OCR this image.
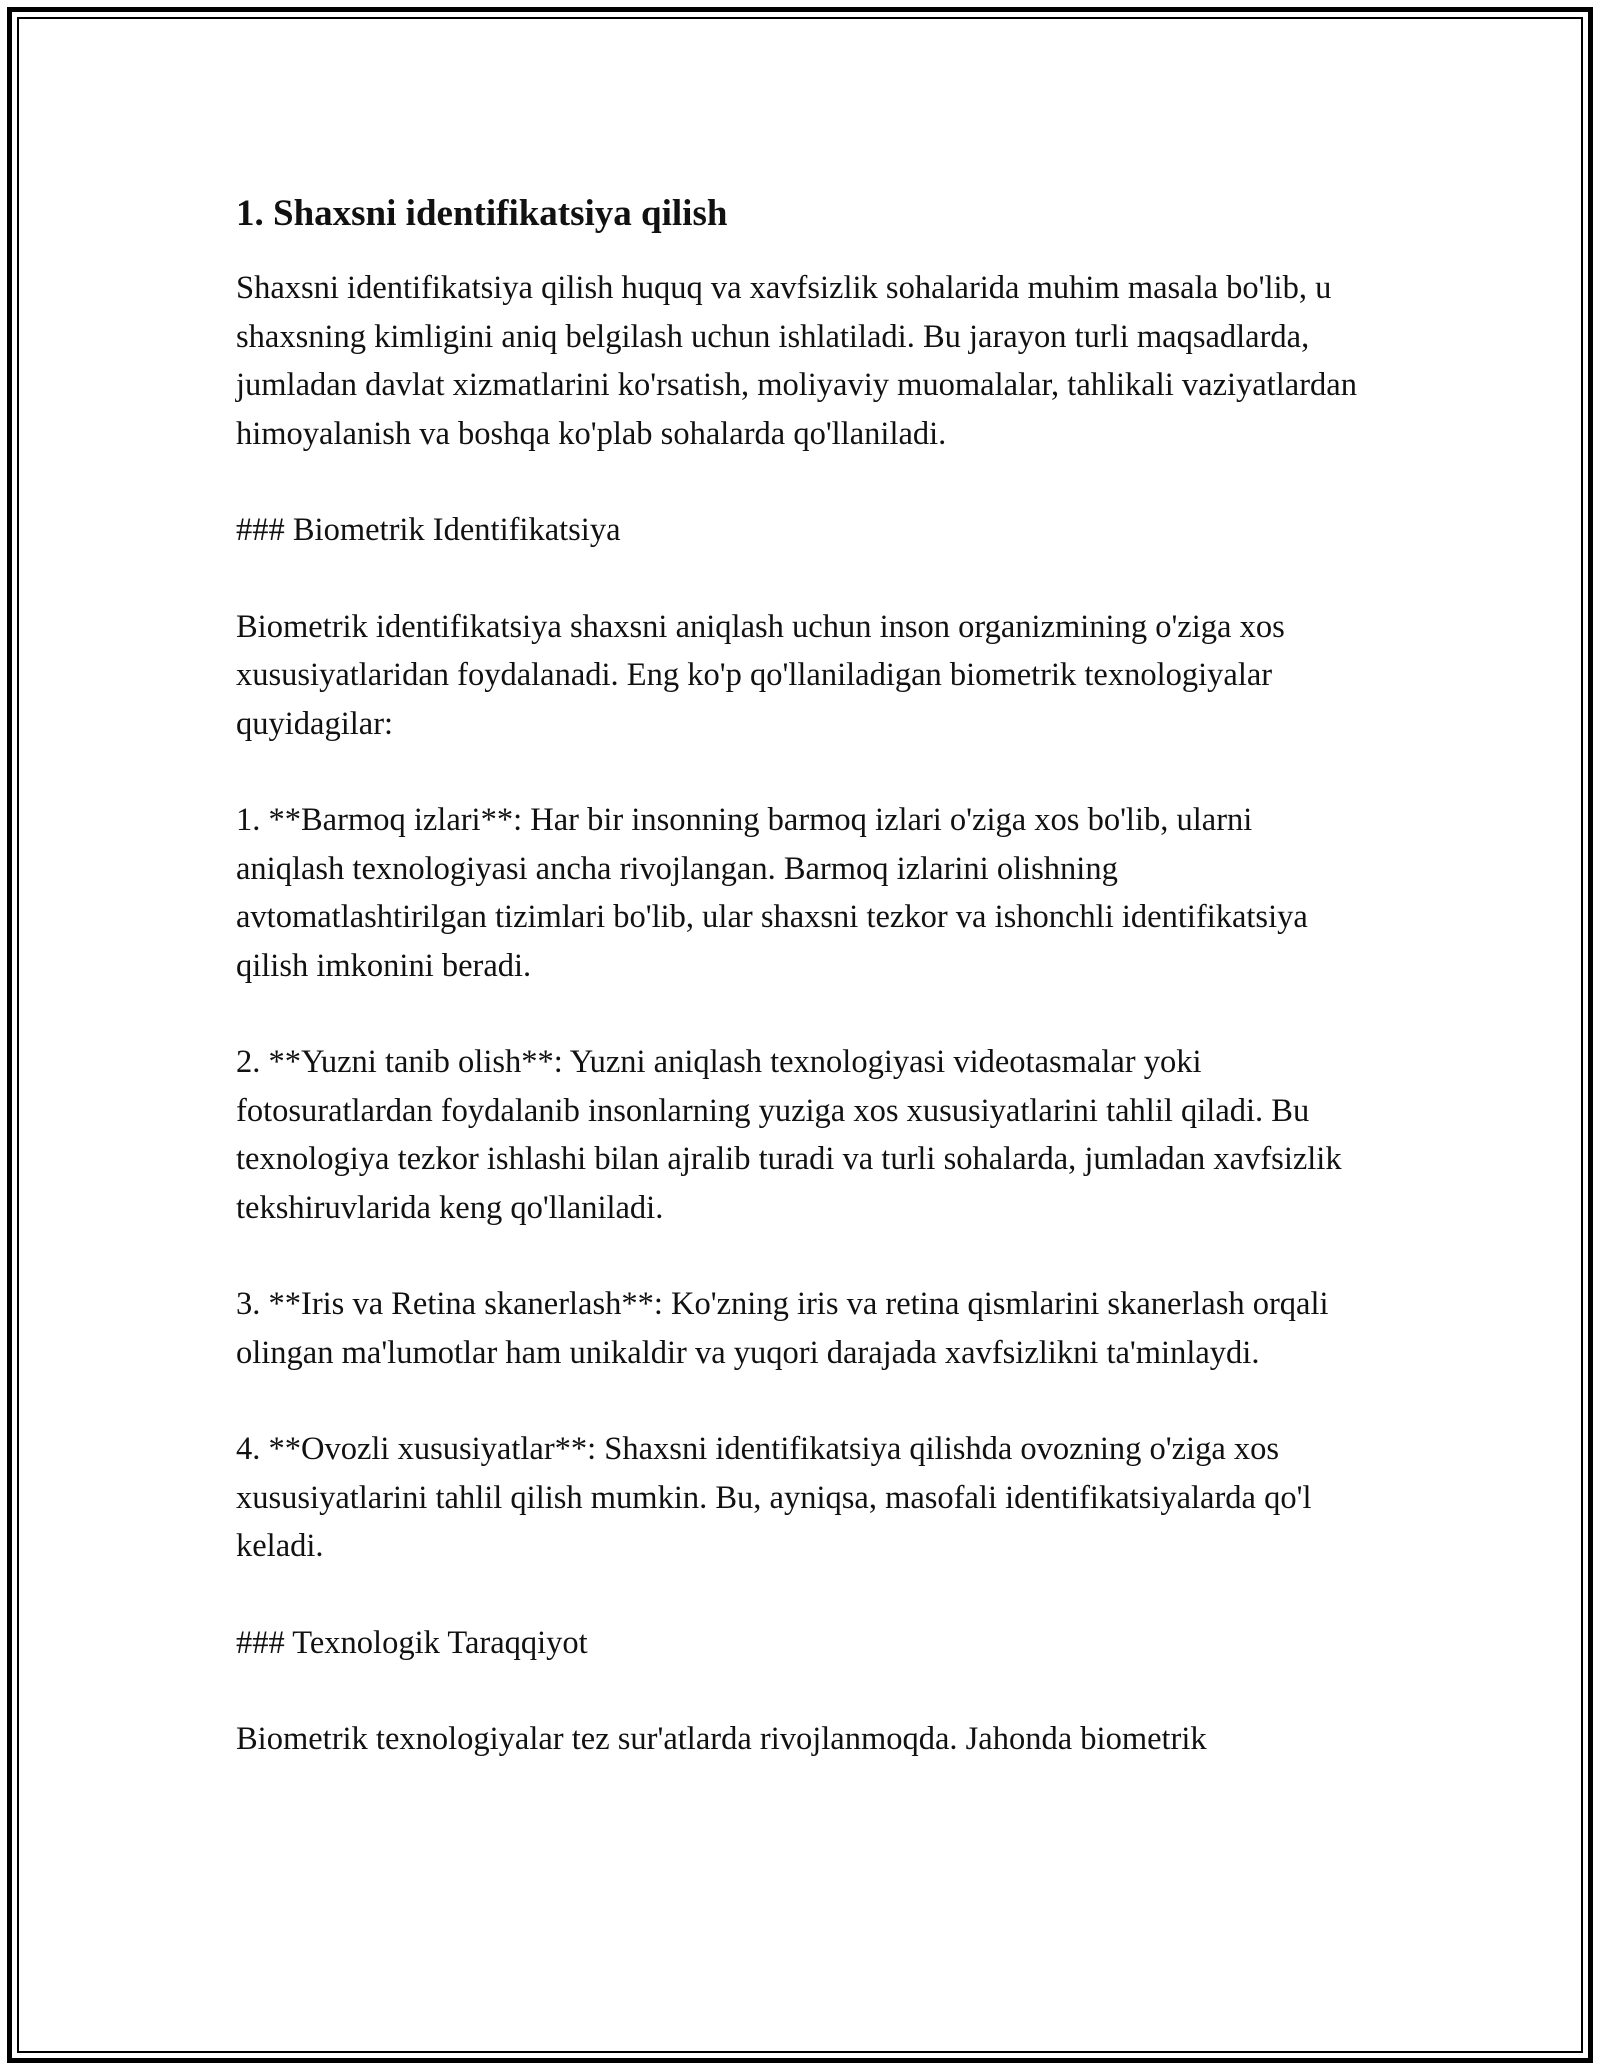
1. Shaxsni identifikatsiya qilish

Shaxsni identifikatsiya qilish huquq va xavfsizlik sohalarida muhim masala bo'lib, u shaxsning kimligini aniq belgilash uchun ishlatiladi. Bu jarayon turli maqsadlarda, jumladan davlat xizmatlarini ko'rsatish, moliyaviy muomalalar, tahlikali vaziyatlardan himoyalanish va boshqa ko'plab sohalarda qo'llaniladi.

### Biometrik Identifikatsiya

Biometrik identifikatsiya shaxsni aniqlash uchun inson organizmining o'ziga xos xususiyatlaridan foydalanadi. Eng ko'p qo'llaniladigan biometrik texnologiyalar quyidagilar:

1. **Barmoq izlari**: Har bir insonning barmoq izlari o'ziga xos bo'lib, ularni aniqlash texnologiyasi ancha rivojlangan. Barmoq izlarini olishning avtomatlashtirilgan tizimlari bo'lib, ular shaxsni tezkor va ishonchli identifikatsiya qilish imkonini beradi.

2. **Yuzni tanib olish**: Yuzni aniqlash texnologiyasi videotasmalar yoki fotosuratlardan foydalanib insonlarning yuziga xos xususiyatlarini tahlil qiladi. Bu texnologiya tezkor ishlashi bilan ajralib turadi va turli sohalarda, jumladan xavfsizlik tekshiruvlarida keng qo'llaniladi.

3. **Iris va Retina skanerlash**: Ko'zning iris va retina qismlarini skanerlash orqali olingan ma'lumotlar ham unikaldir va yuqori darajada xavfsizlikni ta'minlaydi.

4. **Ovozli xususiyatlar**: Shaxsni identifikatsiya qilishda ovozning o'ziga xos xususiyatlarini tahlil qilish mumkin. Bu, ayniqsa, masofali identifikatsiyalarda qo'l keladi.

### Texnologik Taraqqiyot

Biometrik texnologiyalar tez sur'atlarda rivojlanmoqda. Jahonda biometrik
